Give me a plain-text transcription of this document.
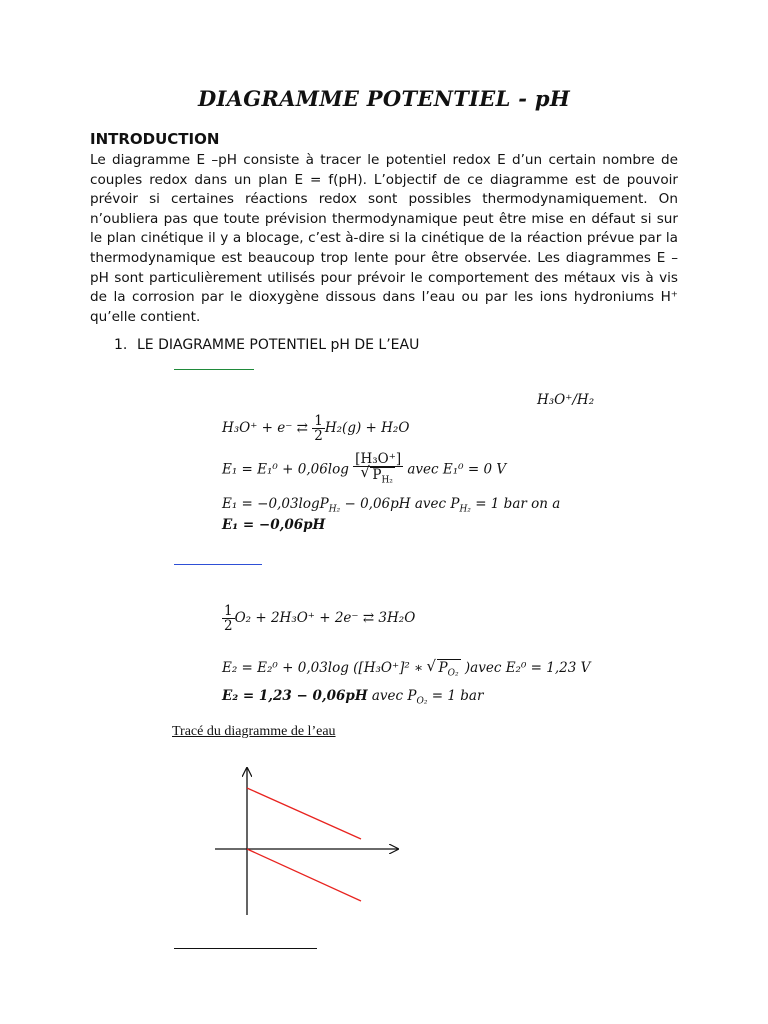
DIAGRAMME POTENTIEL - pH
INTRODUCTION
Le diagramme E –pH consiste à tracer le potentiel redox E d’un certain nombre de couples redox dans un plan E = f(pH). L’objectif de ce diagramme est de pouvoir prévoir si certaines réactions redox sont possibles thermodynamiquement. On n’oubliera pas que toute prévision thermodynamique peut être mise en défaut si sur le plan cinétique il y a blocage, c’est à-dire si la cinétique de la réaction prévue par la thermodynamique est beaucoup trop lente pour être observée. Les diagrammes E – pH sont particulièrement utilisés pour prévoir le comportement des métaux vis à vis de la corrosion par le dioxygène dissous dans l’eau ou par les ions hydroniums H⁺ qu’elle contient.
1. LE DIAGRAMME POTENTIEL pH DE L’EAU
H₃O⁺/H₂
H₃O⁺ + e⁻ ⇄ $\frac{1}{2} H_2(g) + H_2O$
E₁ = E₁⁰ + 0,06log [H₃O⁺]
√ $P_{H_2}$ avec E₁⁰ = 0 V
E₁ = −0,03logP$_{H_2}$ − 0,06pH avec $P_{H_2} = 1$ bar on a
E₁ = −0,06pH
$\frac{1}{2} O_2 + 2H_3O^+ + 2e^-$ ⇄ 3H₂O
E₂ = E₂⁰ + 0,03log ([H₃O⁺]² ∗ √ $P_{O_2}$ )avec E₂⁰ = 1,23 V
E₂ = 1,23 − 0,06pH avec $P_{O_2} = 1$ bar
Tracé du diagramme de l’eau
